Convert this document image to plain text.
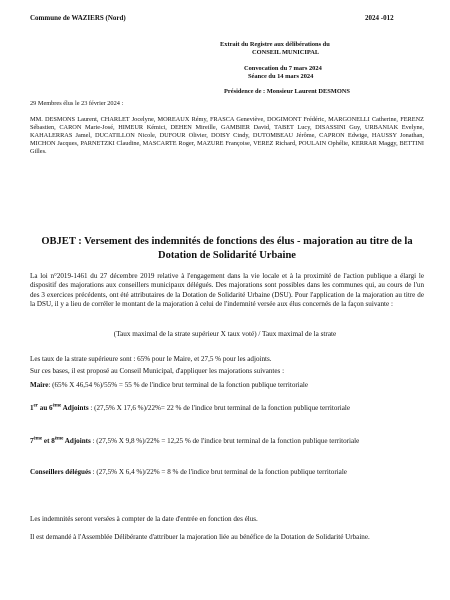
Commune de WAZIERS (Nord)	2024 -012
Extrait du Registre aux délibérations du
CONSEIL MUNICIPAL
Convocation du 7 mars 2024
Séance du 14 mars 2024
Présidence de : Monsieur Laurent DESMONS
29 Membres élus le 23 février 2024 :
MM. DESMONS Laurent, CHARLET Jocelyne, MOREAUX Rémy, FRASCA Geneviève, DOGIMONT Frédéric, MARGONELLI Catherine, FERENZ Sébastien, CARON Marie-José, HIMEUR Kémici, DEHEN Mireille, GAMBIER David, TABET Lucy, DISASSINI Guy, URBANIAK Evelyne, KAHALERRAS Jamel, DUCATILLON Nicole, DUFOUR Olivier, DOISY Cindy, DUTOMBEAU Jérôme, CAPRON Edwige, HAUSSY Jonathan, MICHON Jacques, PARNETZKI Claudine, MASCARTE Roger, MAZURE Françoise, VEREZ Richard, POULAIN Ophélie, KERRAR Maggy, BETTINI Gilles.
OBJET : Versement des indemnités de fonctions des élus - majoration au titre de la Dotation de Solidarité Urbaine
La loi n°2019-1461 du 27 décembre 2019 relative à l'engagement dans la vie locale et à la proximité de l'action publique a élargi le dispositif des majorations aux conseillers municipaux délégués. Des majorations sont possibles dans les communes qui, au cours de l'un des 3 exercices précédents, ont été attributaires de la Dotation de Solidarité Urbaine (DSU). Pour l'application de la majoration au titre de la DSU, il y a lieu de corréler le montant de la majoration à celui de l'indemnité versée aux élus concernés de la façon suivante :
(Taux maximal de la strate supérieur X taux voté) / Taux maximal de la strate
Les taux de la strate supérieure sont : 65% pour le Maire, et 27,5 % pour les adjoints.
Sur ces bases, il est proposé au Conseil Municipal, d'appliquer les majorations suivantes :
Maire: (65% X 46,54 %)/55% = 55 % de l'indice brut terminal de la fonction publique territoriale
1er au 6ème Adjoints : (27,5% X 17,6 %)/22%= 22 % de l'indice brut terminal de la fonction publique territoriale
7ème et 8ème Adjoints : (27,5% X 9,8 %)/22% = 12,25 % de l'indice brut terminal de la fonction publique territoriale
Conseillers délégués : (27,5% X 6,4 %)/22% = 8 % de l'indice brut terminal de la fonction publique territoriale
Les indemnités seront versées à compter de la date d'entrée en fonction des élus.
Il est demandé à l'Assemblée Délibérante d'attribuer la majoration liée au bénéfice de la Dotation de Solidarité Urbaine.
